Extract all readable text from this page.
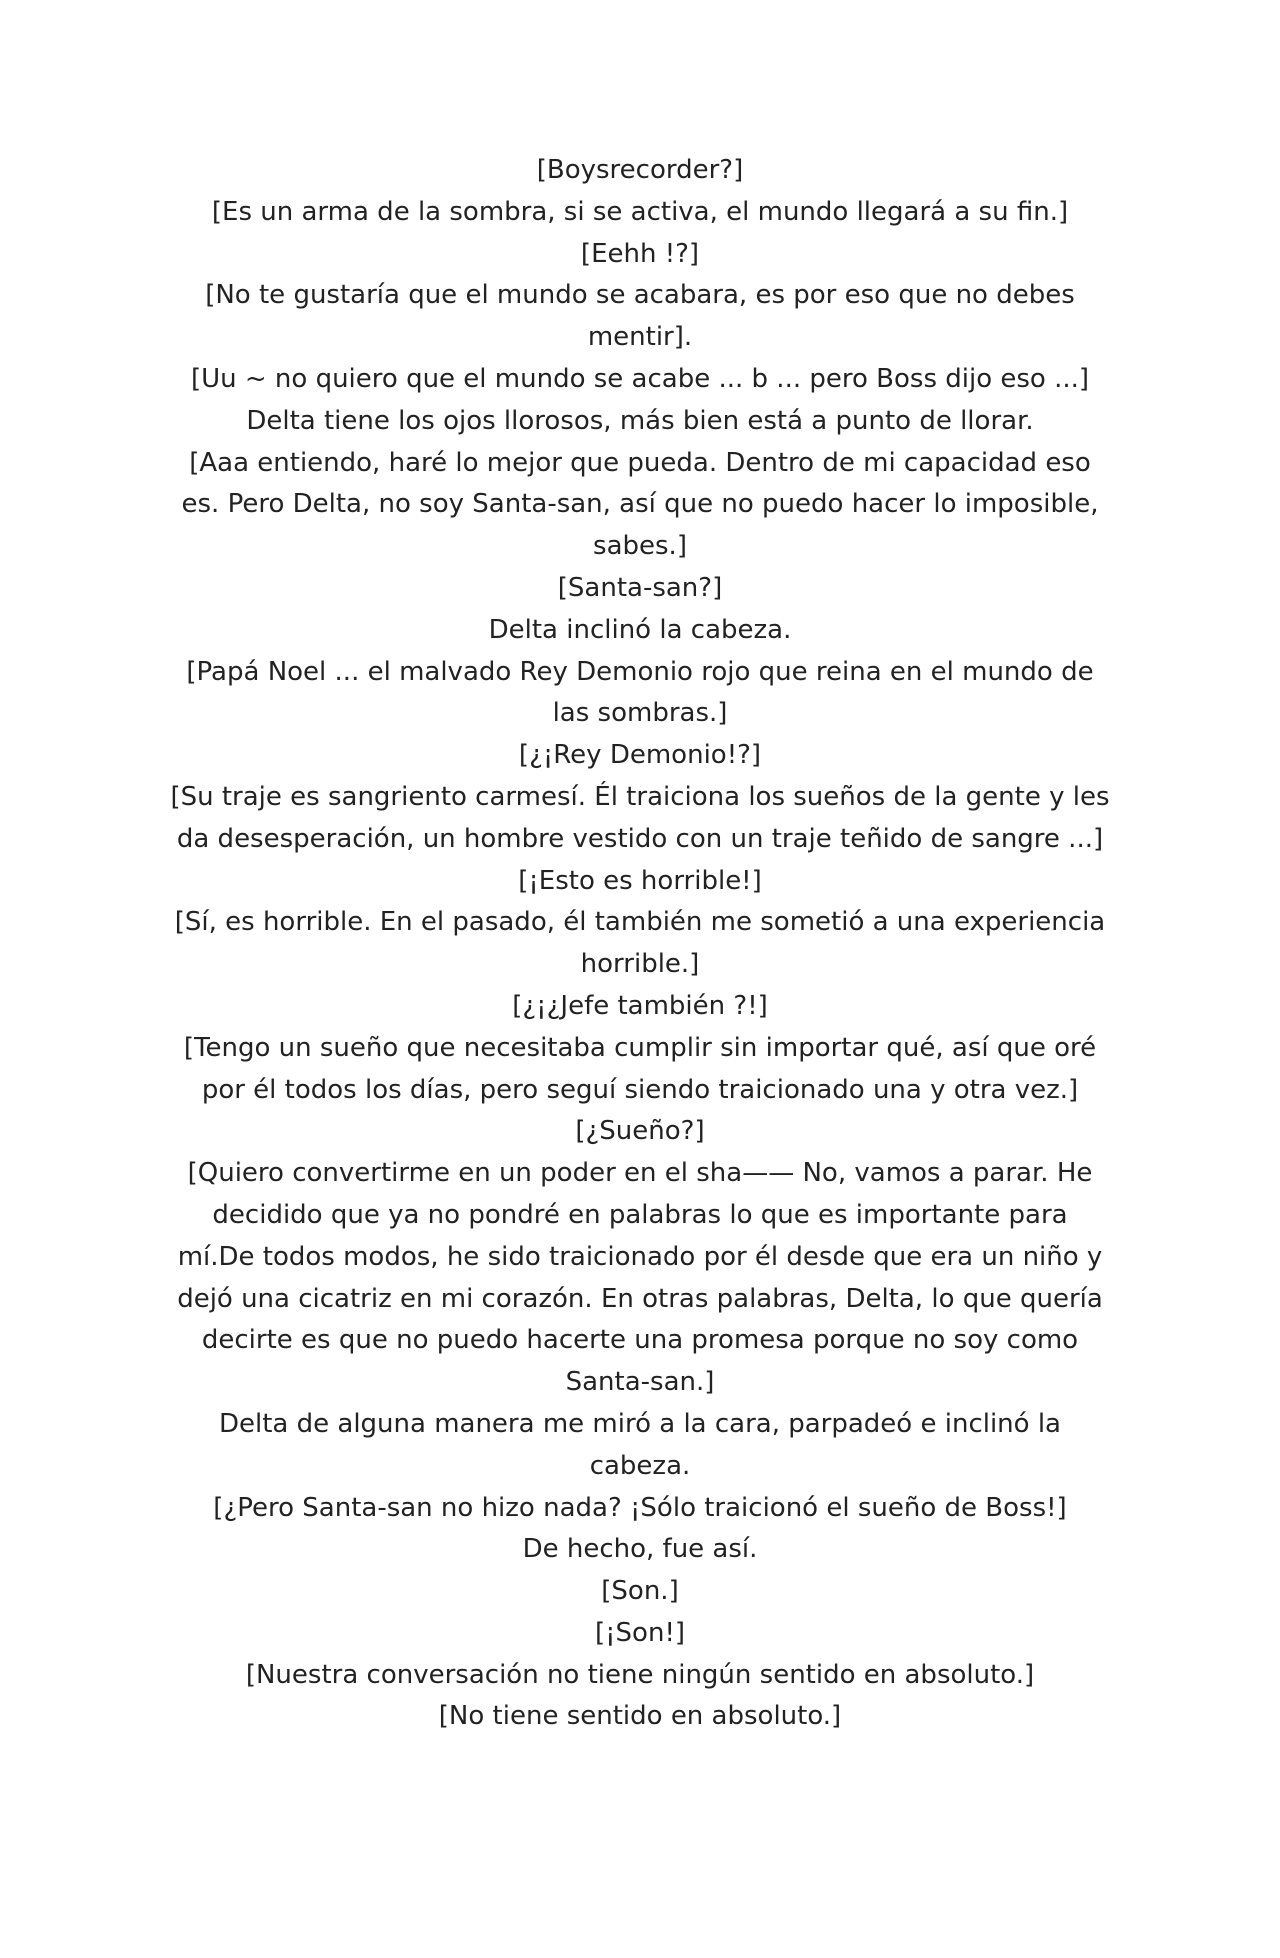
[Boysrecorder?]

[Es un arma de la sombra, si se activa, el mundo llegará a su fin.]

[Eehh !?]

[No te gustaría que el mundo se acabara, es por eso que no debes mentir].

[Uu ~ no quiero que el mundo se acabe ... b ... pero Boss dijo eso ...]

Delta tiene los ojos llorosos, más bien está a punto de llorar.

[Aaa entiendo, haré lo mejor que pueda. Dentro de mi capacidad eso es. Pero Delta, no soy Santa-san, así que no puedo hacer lo imposible, sabes.]

[Santa-san?]

Delta inclinó la cabeza.

[Papá Noel ... el malvado Rey Demonio rojo que reina en el mundo de las sombras.]

[¿¡Rey Demonio!?]

[Su traje es sangriento carmesí. Él traiciona los sueños de la gente y les da desesperación, un hombre vestido con un traje teñido de sangre ...]

[¡Esto es horrible!]

[Sí, es horrible. En el pasado, él también me sometió a una experiencia horrible.]

[¿¡¿Jefe también ?!]

[Tengo un sueño que necesitaba cumplir sin importar qué, así que oré por él todos los días, pero seguí siendo traicionado una y otra vez.]

[¿Sueño?]

[Quiero convertirme en un poder en el sha—— No, vamos a parar. He decidido que ya no pondré en palabras lo que es importante para mí.De todos modos, he sido traicionado por él desde que era un niño y dejó una cicatriz en mi corazón. En otras palabras, Delta, lo que quería decirte es que no puedo hacerte una promesa porque no soy como Santa-san.]

Delta de alguna manera me miró a la cara, parpadeó e inclinó la cabeza.

[¿Pero Santa-san no hizo nada? ¡Sólo traicionó el sueño de Boss!]

De hecho, fue así.

[Son.]

[¡Son!]

[Nuestra conversación no tiene ningún sentido en absoluto.]

[No tiene sentido en absoluto.]
